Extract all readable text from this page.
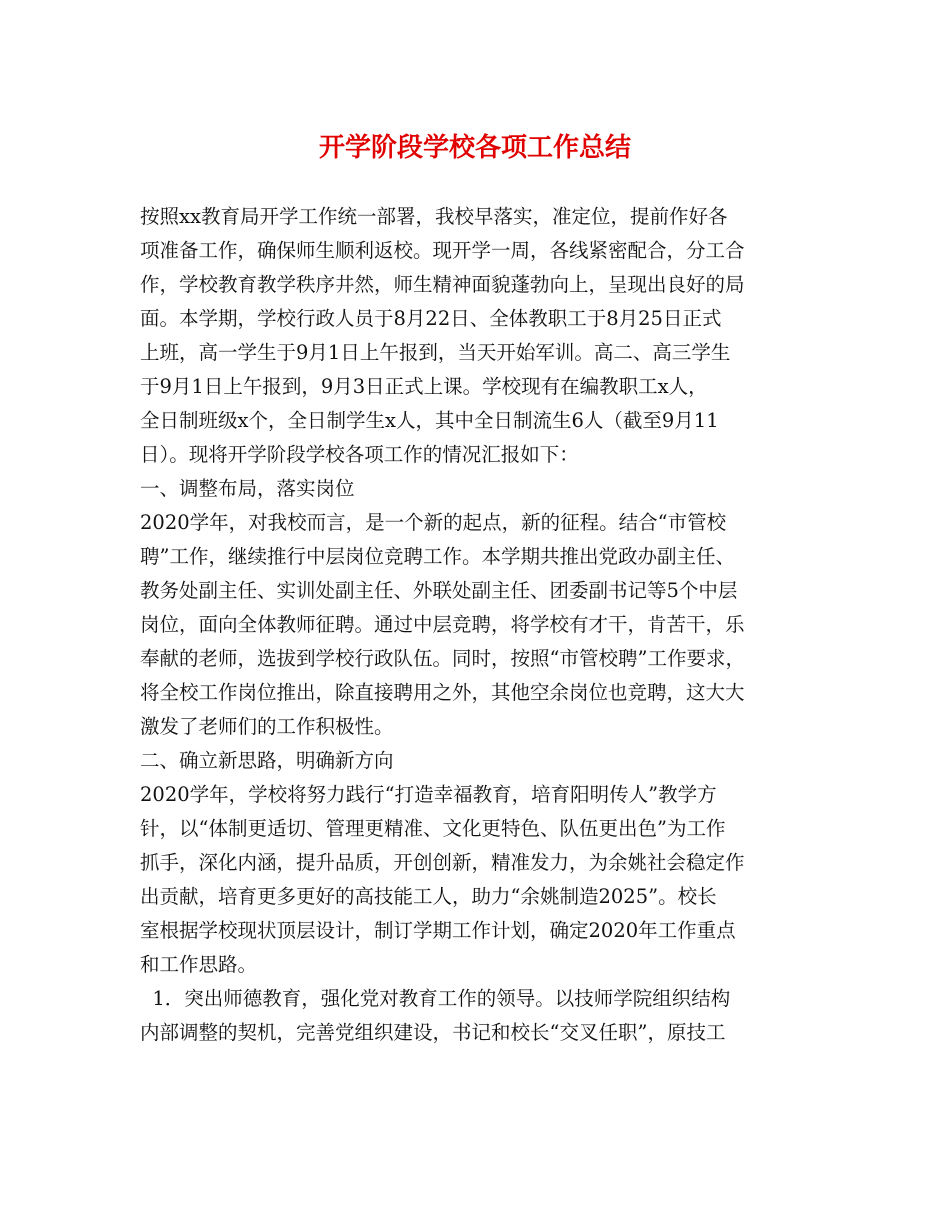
开学阶段学校各项工作总结
按照xx教育局开学工作统一部署，我校早落实，准定位，提前作好各
项准备工作，确保师生顺利返校。现开学一周，各线紧密配合，分工合
作，学校教育教学秩序井然，师生精神面貌蓬勃向上，呈现出良好的局
面。本学期，学校行政人员于8月22日、全体教职工于8月25日正式
上班，高一学生于9月1日上午报到，当天开始军训。高二、高三学生
于9月1日上午报到，9月3日正式上课。学校现有在编教职工x人，
全日制班级x个，全日制学生x人，其中全日制流生6人（截至9月11
日）。现将开学阶段学校各项工作的情况汇报如下：
一、调整布局，落实岗位
2020学年，对我校而言，是一个新的起点，新的征程。结合“市管校
聘”工作，继续推行中层岗位竞聘工作。本学期共推出党政办副主任、
教务处副主任、实训处副主任、外联处副主任、团委副书记等5个中层
岗位，面向全体教师征聘。通过中层竞聘，将学校有才干，肯苦干，乐
奉献的老师，选拔到学校行政队伍。同时，按照“市管校聘”工作要求，
将全校工作岗位推出，除直接聘用之外，其他空余岗位也竞聘，这大大
激发了老师们的工作积极性。
二、确立新思路，明确新方向
2020学年，学校将努力践行“打造幸福教育，培育阳明传人”教学方
针，以“体制更适切、管理更精准、文化更特色、队伍更出色”为工作
抓手，深化内涵，提升品质，开创创新，精准发力，为余姚社会稳定作
出贡献，培育更多更好的高技能工人，助力“余姚制造2025”。校长
室根据学校现状顶层设计，制订学期工作计划，确定2020年工作重点
和工作思路。
1．突出师德教育，强化党对教育工作的领导。以技师学院组织结构
内部调整的契机，完善党组织建设，书记和校长“交叉任职”，原技工
